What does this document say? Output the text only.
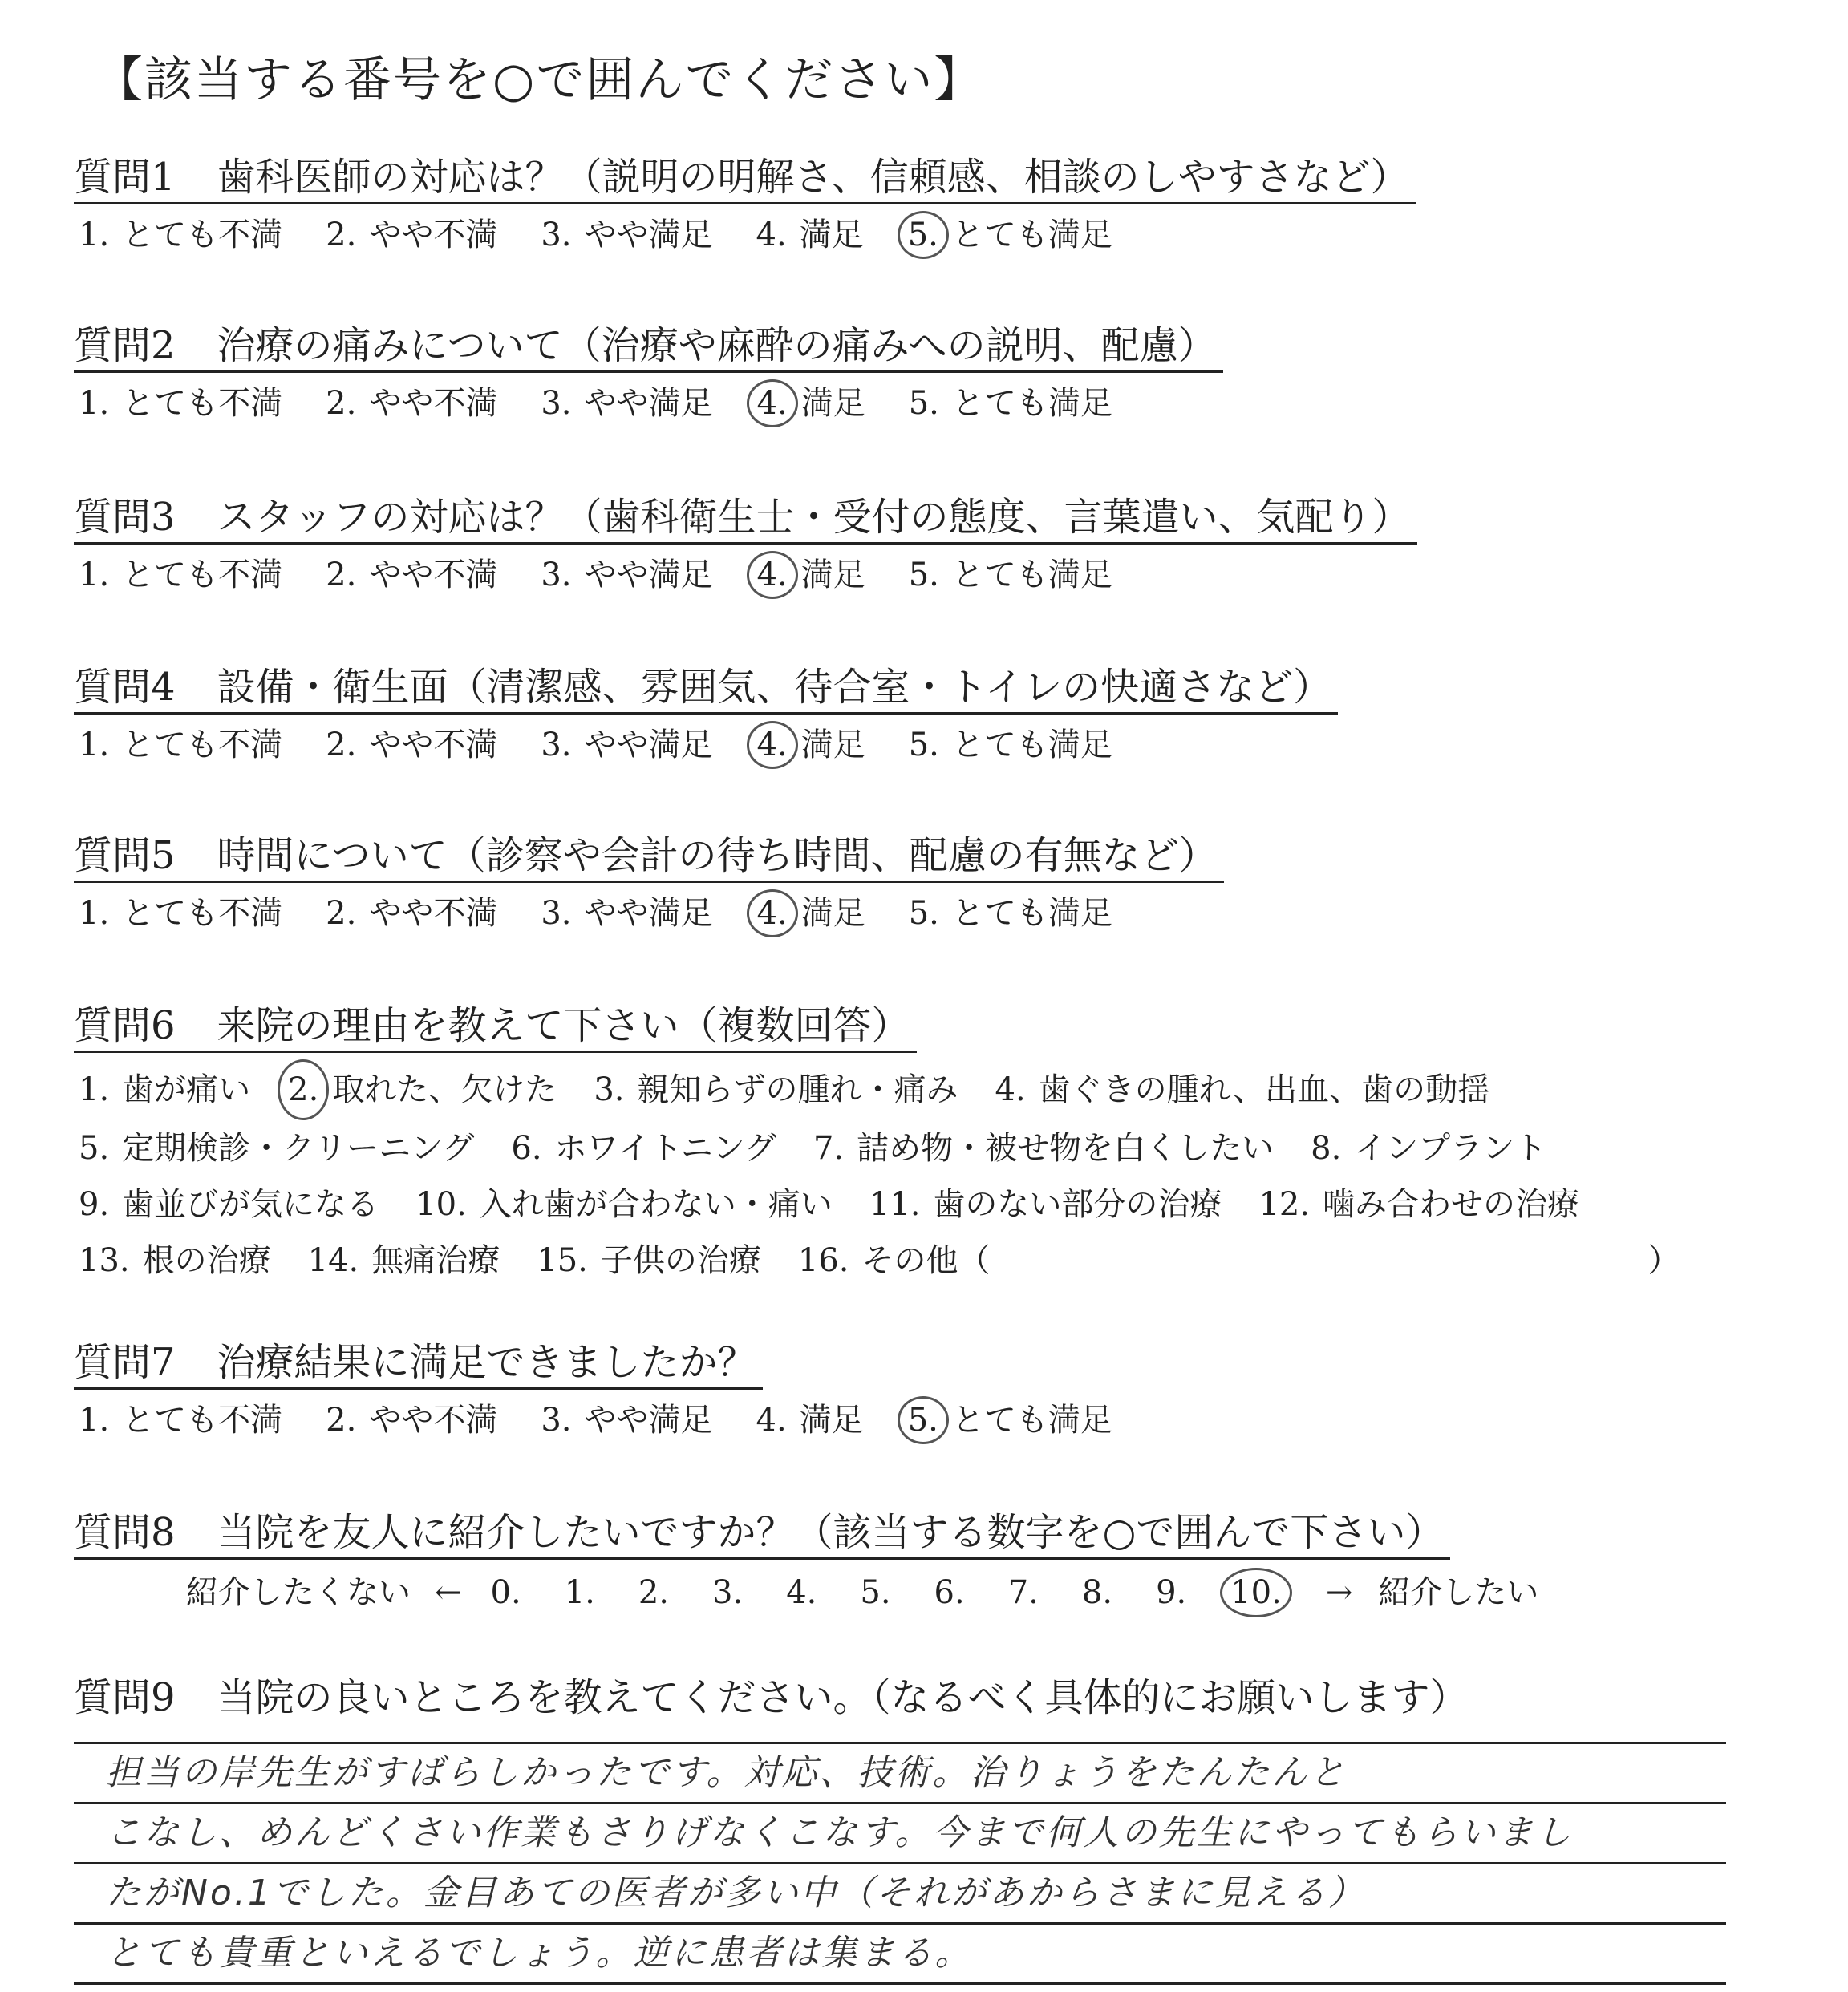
【該当する番号を○で囲んでください】
質問1 歯科医師の対応は？（説明の明解さ、信頼感、相談のしやすさなど）
1. とても不満 2. やや不満 3. やや満足 4. 満足 5. とても満足
質問2 治療の痛みについて（治療や麻酔の痛みへの説明、配慮）
1. とても不満 2. やや不満 3. やや満足 4. 満足 5. とても満足
質問3 スタッフの対応は？（歯科衛生士・受付の態度、言葉遣い、気配り）
1. とても不満 2. やや不満 3. やや満足 4. 満足 5. とても満足
質問4 設備・衛生面（清潔感、雰囲気、待合室・トイレの快適さなど）
1. とても不満 2. やや不満 3. やや満足 4. 満足 5. とても満足
質問5 時間について（診察や会計の待ち時間、配慮の有無など）
1. とても不満 2. やや不満 3. やや満足 4. 満足 5. とても満足
質問6 来院の理由を教えて下さい（複数回答）
1. 歯が痛い 2. 取れた、欠けた 3. 親知らずの腫れ・痛み 4. 歯ぐきの腫れ、出血、歯の動揺
5. 定期検診・クリーニング 6. ホワイトニング 7. 詰め物・被せ物を白くしたい 8. インプラント
9. 歯並びが気になる 10. 入れ歯が合わない・痛い 11. 歯のない部分の治療 12. 噛み合わせの治療
13. 根の治療 14. 無痛治療 15. 子供の治療 16. その他（	）
質問7 治療結果に満足できましたか？
1. とても不満 2. やや不満 3. やや満足 4. 満足 5. とても満足
質問8 当院を友人に紹介したいですか？（該当する数字を○で囲んで下さい）
紹介したくない ← 0. 1. 2. 3. 4. 5. 6. 7. 8. 9. 10. → 紹介したい
質問9 当院の良いところを教えてください。（なるべく具体的にお願いします）
担当の岸先生がすばらしかったです。対応、技術。治りょうをたんたんと
こなし、めんどくさい作業もさりげなくこなす。今まで何人の先生にやってもらいまし
たがNo.1でした。金目あての医者が多い中（それがあからさまに見える）
とても貴重といえるでしょう。逆に患者は集まる。
